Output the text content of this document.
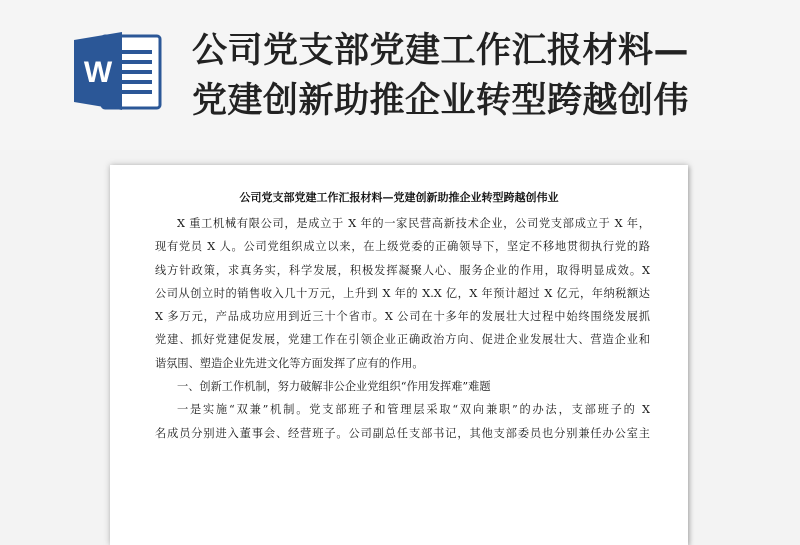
W
公司党支部党建工作汇报材料—
党建创新助推企业转型跨越创伟
公司党支部党建工作汇报材料—党建创新助推企业转型跨越创伟业
X 重工机械有限公司，是成立于 X 年的一家民营高新技术企业，公司党支部成立于 X 年，
现有党员 X 人。公司党组织成立以来，在上级党委的正确领导下，坚定不移地贯彻执行党的路
线方针政策，求真务实，科学发展，积极发挥凝聚人心、服务企业的作用，取得明显成效。X
公司从创立时的销售收入几十万元，上升到 X 年的 X.X 亿，X 年预计超过 X 亿元，年纳税额达
X 多万元，产品成功应用到近三十个省市。X 公司在十多年的发展壮大过程中始终围绕发展抓
党建、抓好党建促发展，党建工作在引领企业正确政治方向、促进企业发展壮大、营造企业和
谐氛围、塑造企业先进文化等方面发挥了应有的作用。
一、创新工作机制，努力破解非公企业党组织“作用发挥难”难题
一是实施“双兼”机制。党支部班子和管理层采取“双向兼职”的办法，支部班子的 X
名成员分别进入董事会、经营班子。公司副总任支部书记，其他支部委员也分别兼任办公室主
